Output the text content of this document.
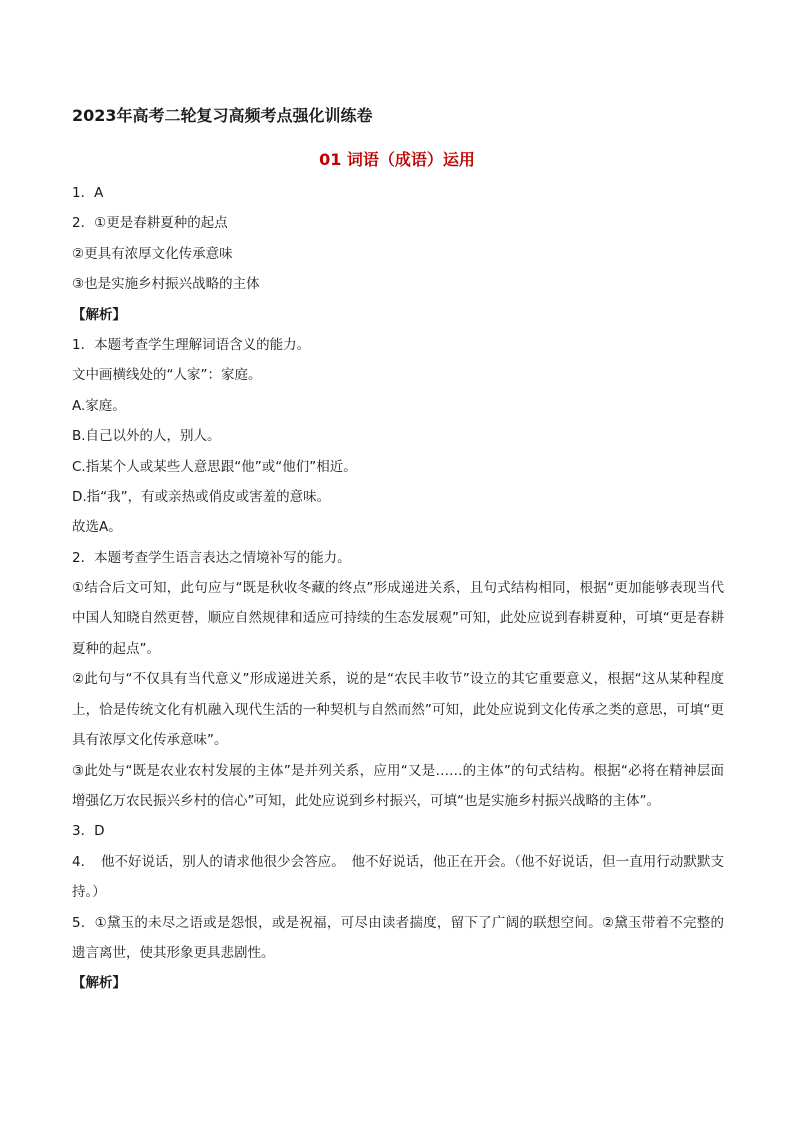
2023年高考二轮复习高频考点强化训练卷
01 词语（成语）运用

1．A

2．①更是春耕夏种的起点

②更具有浓厚文化传承意味

③也是实施乡村振兴战略的主体

【解析】

1．本题考查学生理解词语含义的能力。

文中画横线处的“人家”：家庭。

A.家庭。

B.自己以外的人，别人。

C.指某个人或某些人意思跟“他”或“他们”相近。

D.指“我”，有或亲热或俏皮或害羞的意味。

故选A。

2．本题考查学生语言表达之情境补写的能力。

①结合后文可知，此句应与“既是秋收冬藏的终点”形成递进关系，且句式结构相同，根据“更加能够表现当代中国人知晓自然更替，顺应自然规律和适应可持续的生态发展观”可知，此处应说到春耕夏种，可填“更是春耕夏种的起点”。

②此句与“不仅具有当代意义”形成递进关系，说的是“农民丰收节”设立的其它重要意义，根据“这从某种程度上，恰是传统文化有机融入现代生活的一种契机与自然而然”可知，此处应说到文化传承之类的意思，可填“更具有浓厚文化传承意味”。

③此处与“既是农业农村发展的主体”是并列关系，应用“又是……的主体”的句式结构。根据“必将在精神层面增强亿万农民振兴乡村的信心”可知，此处应说到乡村振兴，可填“也是实施乡村振兴战略的主体”。

3．D

4．　他不好说话，别人的请求他很少会答应。　他不好说话，他正在开会。（他不好说话，但一直用行动默默支持。）

5．①黛玉的未尽之语或是怨恨，或是祝福，可尽由读者揣度，留下了广阔的联想空间。②黛玉带着不完整的遗言离世，使其形象更具悲剧性。

【解析】
